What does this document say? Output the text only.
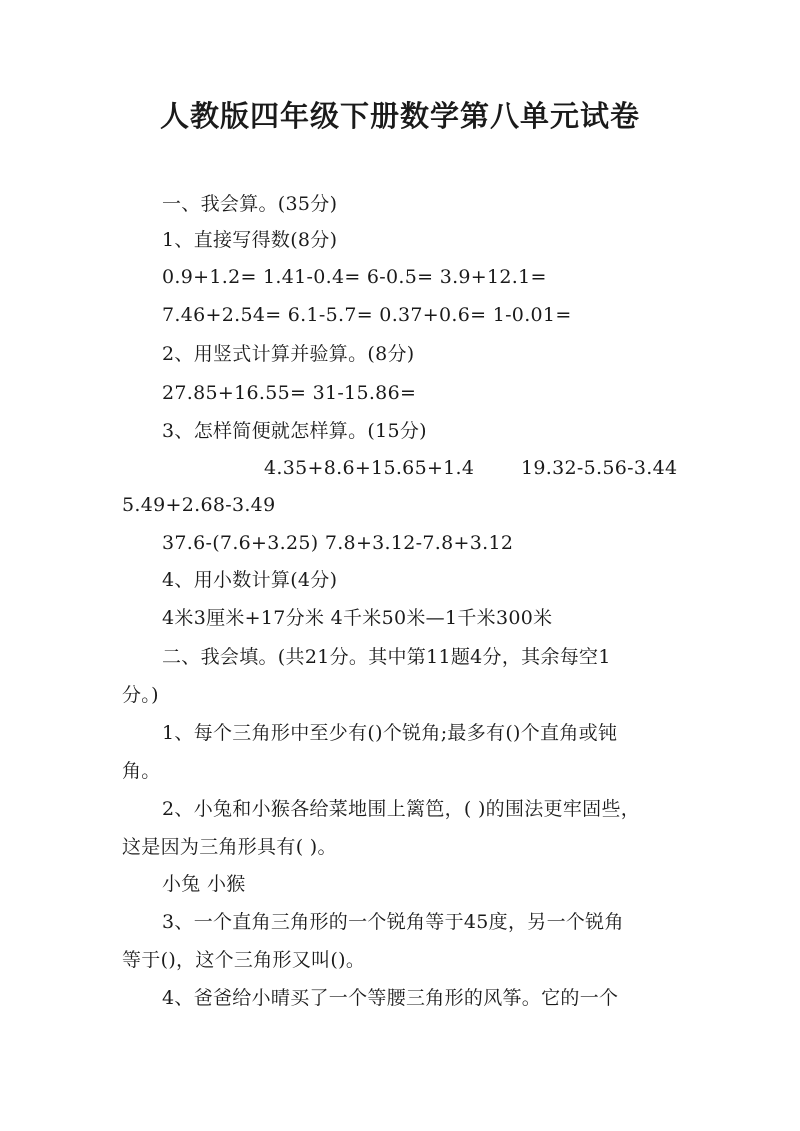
人教版四年级下册数学第八单元试卷
一、我会算。(35分)
1、直接写得数(8分)
0.9+1.2= 1.41-0.4= 6-0.5= 3.9+12.1=
7.46+2.54= 6.1-5.7= 0.37+0.6= 1-0.01=
2、用竖式计算并验算。(8分)
27.85+16.55= 31-15.86=
3、怎样简便就怎样算。(15分)
4.35+8.6+15.65+1.4 19.32-5.56-3.44
5.49+2.68-3.49
37.6-(7.6+3.25) 7.8+3.12-7.8+3.12
4、用小数计算(4分)
4米3厘米+17分米 4千米50米—1千米300米
二、我会填。(共21分。其中第11题4分，其余每空1
分。)
1、每个三角形中至少有()个锐角;最多有()个直角或钝
角。
2、小兔和小猴各给菜地围上篱笆，( )的围法更牢固些，
这是因为三角形具有( )。
小兔 小猴
3、一个直角三角形的一个锐角等于45度，另一个锐角
等于()，这个三角形又叫()。
4、爸爸给小晴买了一个等腰三角形的风筝。它的一个
